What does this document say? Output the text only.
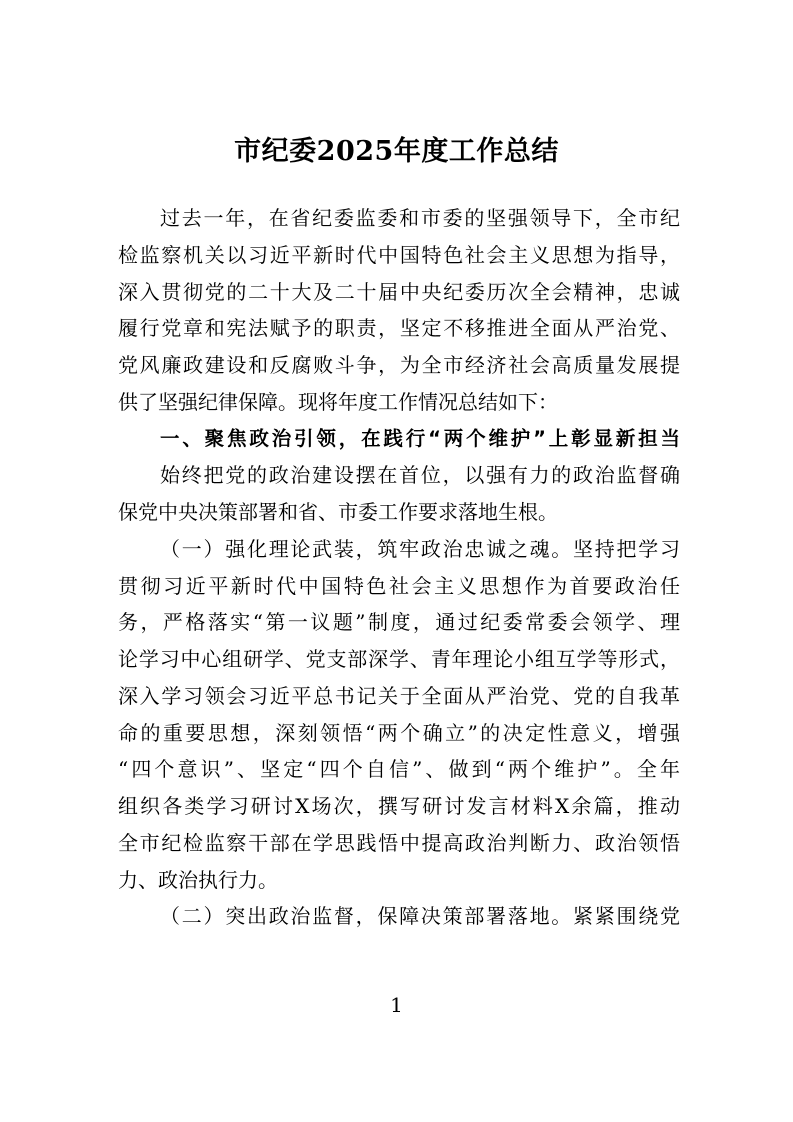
市纪委2025年度工作总结
过去一年，在省纪委监委和市委的坚强领导下，全市纪
检监察机关以习近平新时代中国特色社会主义思想为指导，
深入贯彻党的二十大及二十届中央纪委历次全会精神，忠诚
履行党章和宪法赋予的职责，坚定不移推进全面从严治党、
党风廉政建设和反腐败斗争，为全市经济社会高质量发展提
供了坚强纪律保障。现将年度工作情况总结如下：
一、聚焦政治引领，在践行“两个维护”上彰显新担当
始终把党的政治建设摆在首位，以强有力的政治监督确
保党中央决策部署和省、市委工作要求落地生根。
（一）强化理论武装，筑牢政治忠诚之魂。坚持把学习
贯彻习近平新时代中国特色社会主义思想作为首要政治任
务，严格落实“第一议题”制度，通过纪委常委会领学、理
论学习中心组研学、党支部深学、青年理论小组互学等形式，
深入学习领会习近平总书记关于全面从严治党、党的自我革
命的重要思想，深刻领悟“两个确立”的决定性意义，增强
“四个意识”、坚定“四个自信”、做到“两个维护”。全年
组织各类学习研讨X场次，撰写研讨发言材料X余篇，推动
全市纪检监察干部在学思践悟中提高政治判断力、政治领悟
力、政治执行力。
（二）突出政治监督，保障决策部署落地。紧紧围绕党
1
